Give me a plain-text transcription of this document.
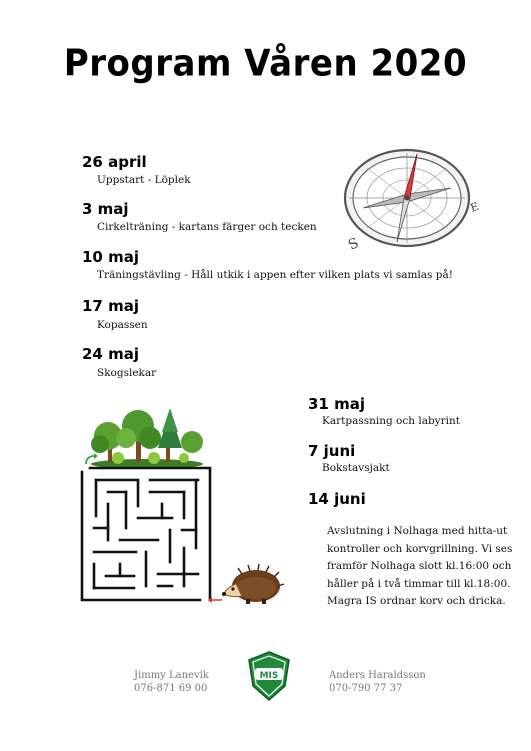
Program Våren 2020
E
S
26 april
Uppstart - Löplek
3 maj
Cirkelträning - kartans färger och tecken
10 maj
Träningstävling - Håll utkik i appen efter vilken plats vi samlas på!
17 maj
Kopassen
24 maj
Skogslekar
31 maj
Kartpassning och labyrint
7 juni
Bokstavsjakt
14 juni
Avslutning i Nolhaga med hitta-ut kontroller och korvgrillning. Vi ses framför Nolhaga slott kl.16:00 och håller på i två timmar till kl.18:00. Magra IS ordnar korv och dricka.
Jimmy Lanevik
076-871 69 00
Anders Haraldsson
070-790 77 37
MIS
